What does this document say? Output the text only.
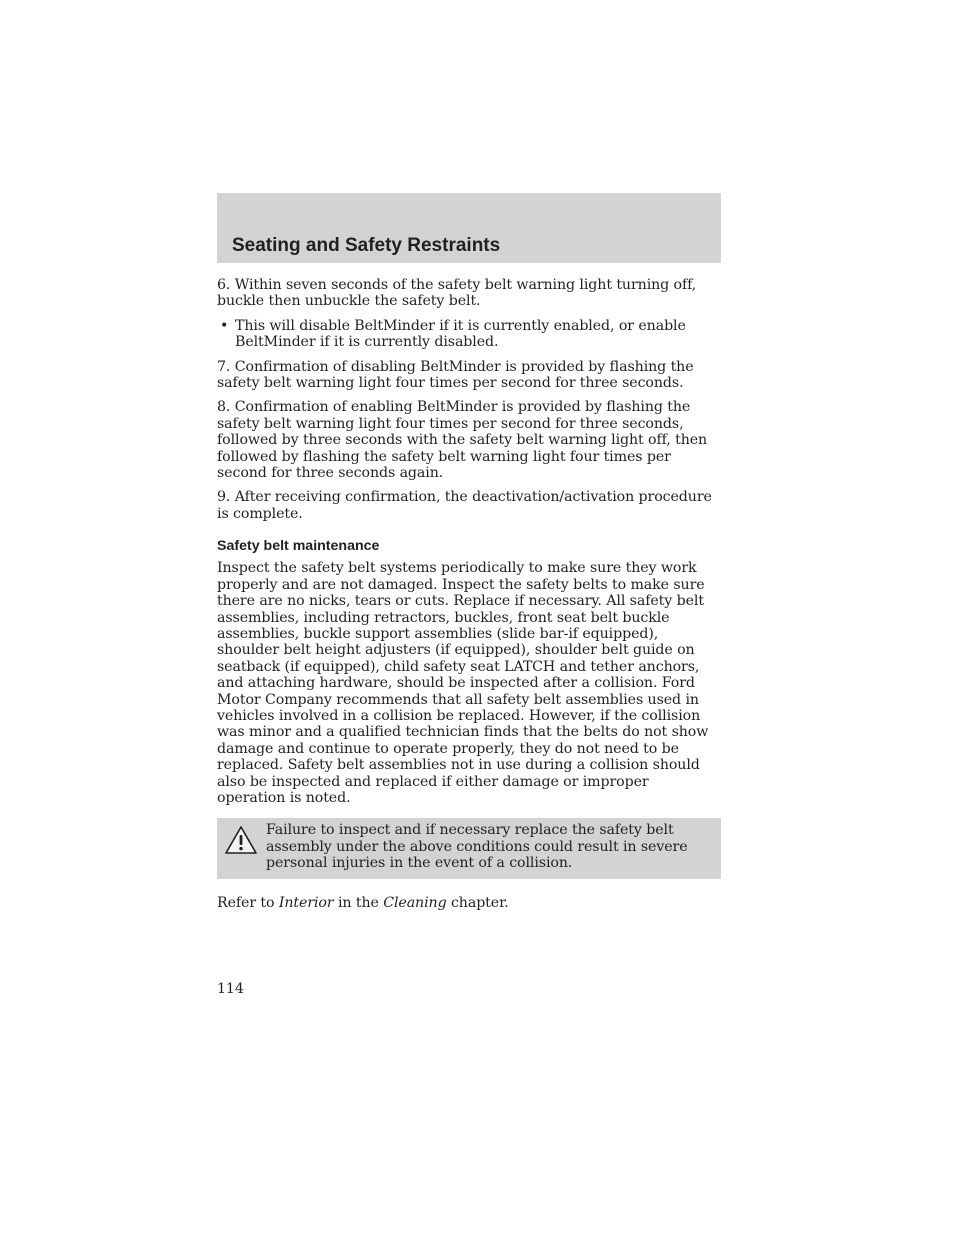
Seating and Safety Restraints

6. Within seven seconds of the safety belt warning light turning off, buckle then unbuckle the safety belt.

• This will disable BeltMinder if it is currently enabled, or enable BeltMinder if it is currently disabled.

7. Confirmation of disabling BeltMinder is provided by flashing the safety belt warning light four times per second for three seconds.

8. Confirmation of enabling BeltMinder is provided by flashing the safety belt warning light four times per second for three seconds, followed by three seconds with the safety belt warning light off, then followed by flashing the safety belt warning light four times per second for three seconds again.

9. After receiving confirmation, the deactivation/activation procedure is complete.

Safety belt maintenance

Inspect the safety belt systems periodically to make sure they work properly and are not damaged. Inspect the safety belts to make sure there are no nicks, tears or cuts. Replace if necessary. All safety belt assemblies, including retractors, buckles, front seat belt buckle assemblies, buckle support assemblies (slide bar-if equipped), shoulder belt height adjusters (if equipped), shoulder belt guide on seatback (if equipped), child safety seat LATCH and tether anchors, and attaching hardware, should be inspected after a collision. Ford Motor Company recommends that all safety belt assemblies used in vehicles involved in a collision be replaced. However, if the collision was minor and a qualified technician finds that the belts do not show damage and continue to operate properly, they do not need to be replaced. Safety belt assemblies not in use during a collision should also be inspected and replaced if either damage or improper operation is noted.

Failure to inspect and if necessary replace the safety belt assembly under the above conditions could result in severe personal injuries in the event of a collision.

Refer to Interior in the Cleaning chapter.

114
